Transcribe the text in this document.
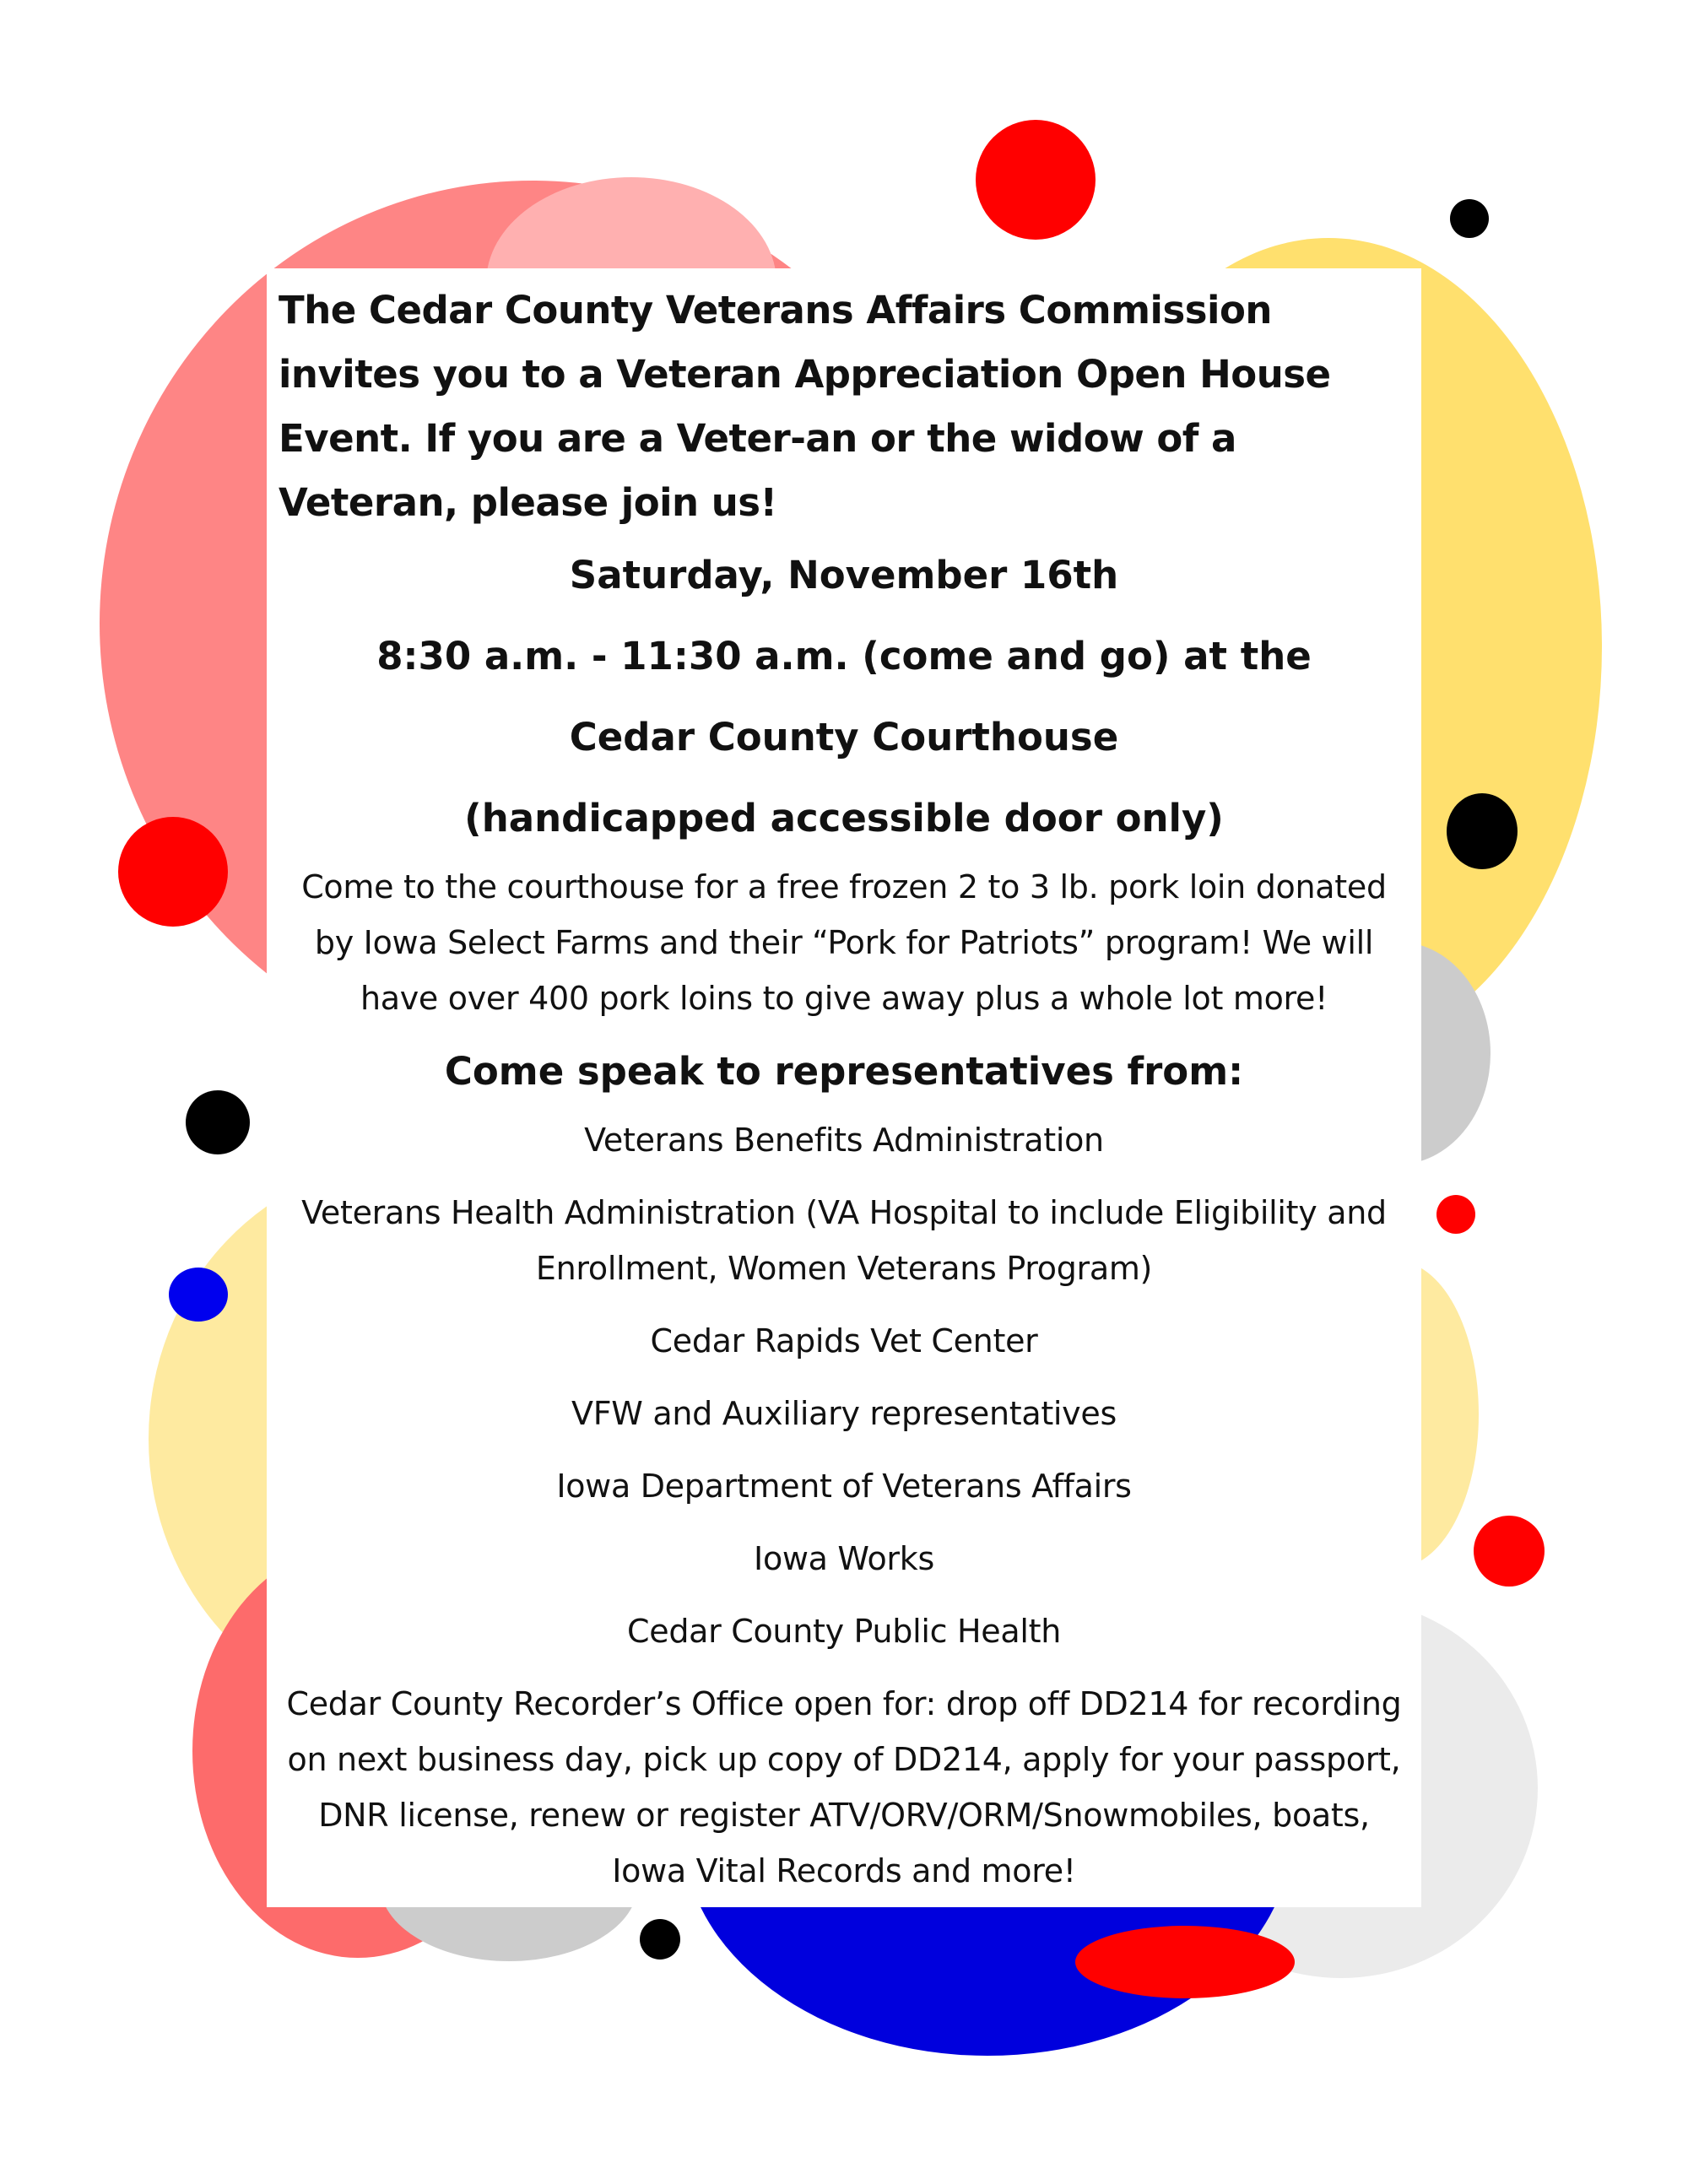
The Cedar County Veterans Affairs Commission invites you to a Veteran Appreciation Open House Event. If you are a Veter-an or the widow of a Veteran, please join us!

Saturday, November 16th

8:30 a.m. - 11:30 a.m. (come and go) at the

Cedar County Courthouse

(handicapped accessible door only)

Come to the courthouse for a free frozen 2 to 3 lb. pork loin donated by Iowa Select Farms and their “Pork for Patriots” program! We will have over 400 pork loins to give away plus a whole lot more!

Come speak to representatives from:

Veterans Benefits Administration
Veterans Health Administration (VA Hospital to include Eligibility and Enrollment, Women Veterans Program)
Cedar Rapids Vet Center
VFW and Auxiliary representatives
Iowa Department of Veterans Affairs
Iowa Works
Cedar County Public Health

Cedar County Recorder’s Office open for: drop off DD214 for recording on next business day, pick up copy of DD214, apply for your passport, DNR license, renew or register ATV/ORV/ORM/Snowmobiles, boats, Iowa Vital Records and more!
